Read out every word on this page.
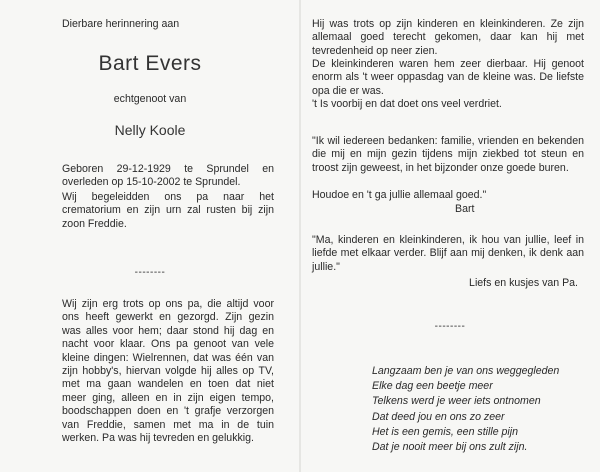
Dierbare herinnering aan
Bart Evers
echtgenoot van
Nelly Koole
Geboren 29-12-1929 te Sprundel en overleden op 15-10-2002 te Sprundel.
Wij begeleidden ons pa naar het crematorium en zijn urn zal rusten bij zijn zoon Freddie.
--------
Wij zijn erg trots op ons pa, die altijd voor ons heeft gewerkt en gezorgd. Zijn gezin was alles voor hem; daar stond hij dag en nacht voor klaar. Ons pa genoot van vele kleine dingen: Wielrennen, dat was één van zijn hobby's, hiervan volgde hij alles op TV, met ma gaan wandelen en toen dat niet meer ging, alleen en in zijn eigen tempo, boodschappen doen en 't grafje verzorgen van Freddie, samen met ma in de tuin werken. Pa was hij tevreden en gelukkig.
Hij was trots op zijn kinderen en kleinkinderen. Ze zijn allemaal goed terecht gekomen, daar kan hij met tevredenheid op neer zien.
De kleinkinderen waren hem zeer dierbaar. Hij genoot enorm als 't weer oppasdag van de kleine was. De liefste opa die er was.
't Is voorbij en dat doet ons veel verdriet.
"Ik wil iedereen bedanken: familie, vrienden en bekenden die mij en mijn gezin tijdens mijn ziekbed tot steun en troost zijn geweest, in het bijzonder onze goede buren.
Houdoe en 't ga jullie allemaal goed."
Bart
"Ma, kinderen en kleinkinderen, ik hou van jullie, leef in liefde met elkaar verder. Blijf aan mij denken, ik denk aan jullie."
Liefs en kusjes van Pa.
--------
Langzaam ben je van ons weggegleden
Elke dag een beetje meer
Telkens werd je weer iets ontnomen
Dat deed jou en ons zo zeer
Het is een gemis, een stille pijn
Dat je nooit meer bij ons zult zijn.
